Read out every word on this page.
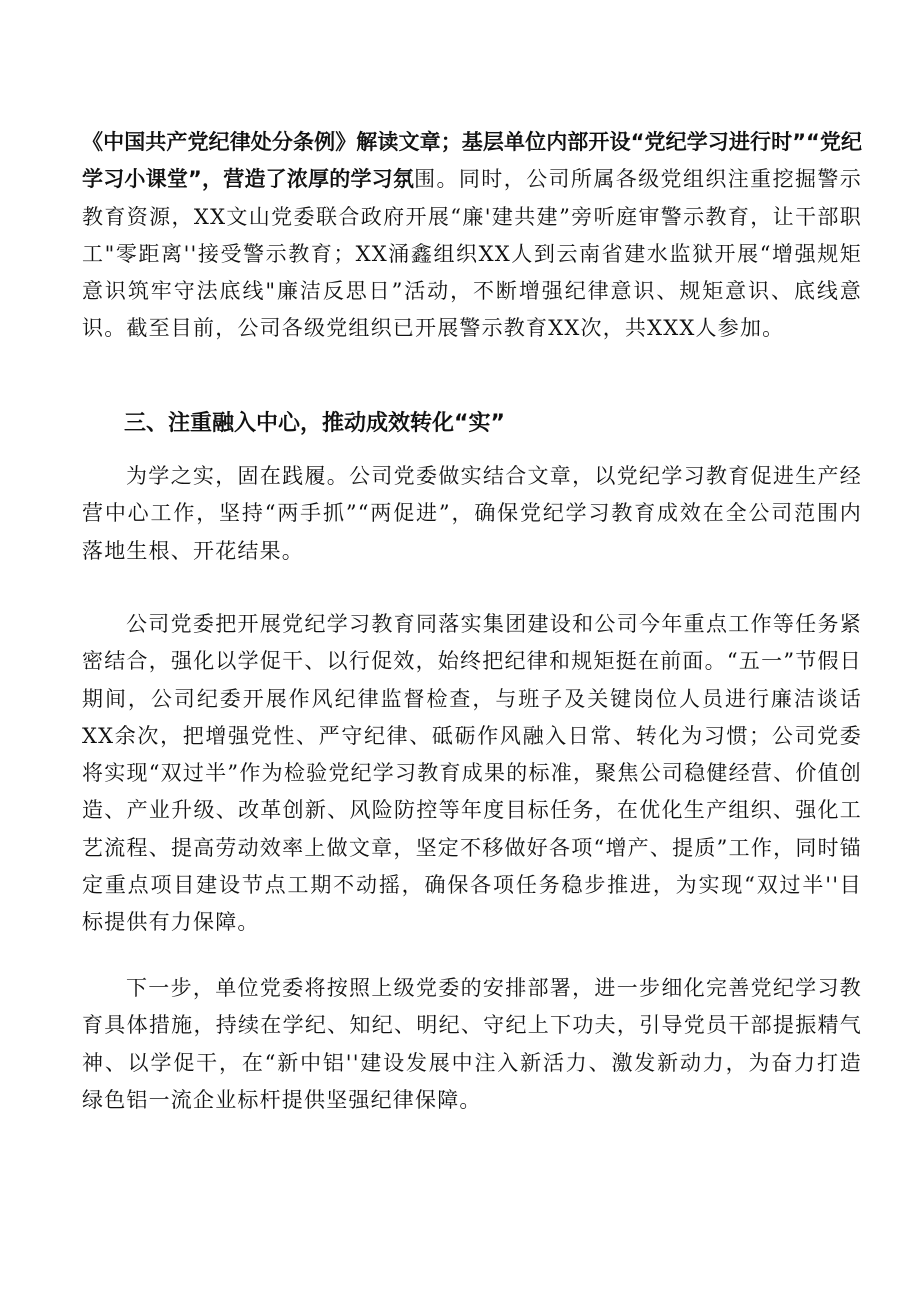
《中国共产党纪律处分条例》解读文章；基层单位内部开设“党纪学习进行时”“党纪学习小课堂”，营造了浓厚的学习氛围。同时，公司所属各级党组织注重挖掘警示教育资源，XX文山党委联合政府开展“廉'建共建”旁听庭审警示教育，让干部职工"零距离''接受警示教育；XX涌鑫组织XX人到云南省建水监狱开展“增强规矩意识筑牢守法底线"廉洁反思日”活动，不断增强纪律意识、规矩意识、底线意识。截至目前，公司各级党组织已开展警示教育XX次，共XXX人参加。

三、注重融入中心，推动成效转化“实”

为学之实，固在践履。公司党委做实结合文章，以党纪学习教育促进生产经营中心工作，坚持“两手抓”“两促进”，确保党纪学习教育成效在全公司范围内落地生根、开花结果。

公司党委把开展党纪学习教育同落实集团建设和公司今年重点工作等任务紧密结合，强化以学促干、以行促效，始终把纪律和规矩挺在前面。“五一”节假日期间，公司纪委开展作风纪律监督检查，与班子及关键岗位人员进行廉洁谈话XX余次，把增强党性、严守纪律、砥砺作风融入日常、转化为习惯；公司党委将实现“双过半”作为检验党纪学习教育成果的标准，聚焦公司稳健经营、价值创造、产业升级、改革创新、风险防控等年度目标任务，在优化生产组织、强化工艺流程、提高劳动效率上做文章，坚定不移做好各项“增产、提质”工作，同时锚定重点项目建设节点工期不动摇，确保各项任务稳步推进，为实现“双过半''目标提供有力保障。

下一步，单位党委将按照上级党委的安排部署，进一步细化完善党纪学习教育具体措施，持续在学纪、知纪、明纪、守纪上下功夫，引导党员干部提振精气神、以学促干，在“新中铝''建设发展中注入新活力、激发新动力，为奋力打造绿色铝一流企业标杆提供坚强纪律保障。
